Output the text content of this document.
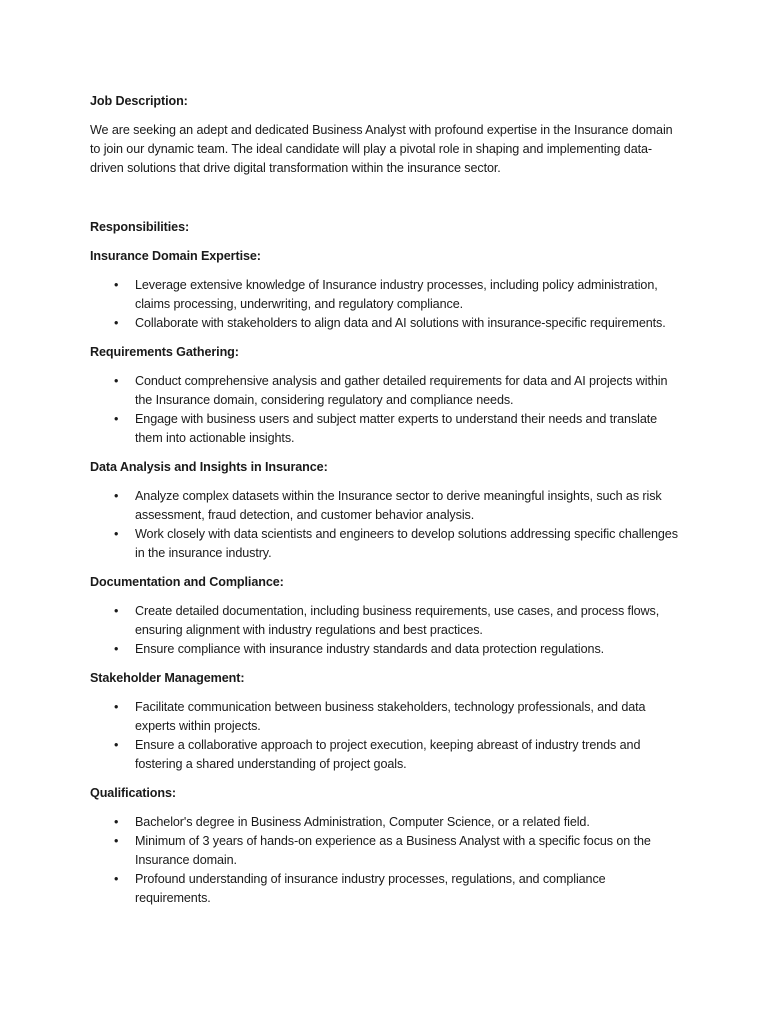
Job Description:
We are seeking an adept and dedicated Business Analyst with profound expertise in the Insurance domain to join our dynamic team. The ideal candidate will play a pivotal role in shaping and implementing data-driven solutions that drive digital transformation within the insurance sector.
Responsibilities:
Insurance Domain Expertise:
• Leverage extensive knowledge of Insurance industry processes, including policy administration, claims processing, underwriting, and regulatory compliance.
• Collaborate with stakeholders to align data and AI solutions with insurance-specific requirements.
Requirements Gathering:
• Conduct comprehensive analysis and gather detailed requirements for data and AI projects within the Insurance domain, considering regulatory and compliance needs.
• Engage with business users and subject matter experts to understand their needs and translate them into actionable insights.
Data Analysis and Insights in Insurance:
• Analyze complex datasets within the Insurance sector to derive meaningful insights, such as risk assessment, fraud detection, and customer behavior analysis.
• Work closely with data scientists and engineers to develop solutions addressing specific challenges in the insurance industry.
Documentation and Compliance:
• Create detailed documentation, including business requirements, use cases, and process flows, ensuring alignment with industry regulations and best practices.
• Ensure compliance with insurance industry standards and data protection regulations.
Stakeholder Management:
• Facilitate communication between business stakeholders, technology professionals, and data experts within projects.
• Ensure a collaborative approach to project execution, keeping abreast of industry trends and fostering a shared understanding of project goals.
Qualifications:
• Bachelor's degree in Business Administration, Computer Science, or a related field.
• Minimum of 3 years of hands-on experience as a Business Analyst with a specific focus on the Insurance domain.
• Profound understanding of insurance industry processes, regulations, and compliance requirements.
